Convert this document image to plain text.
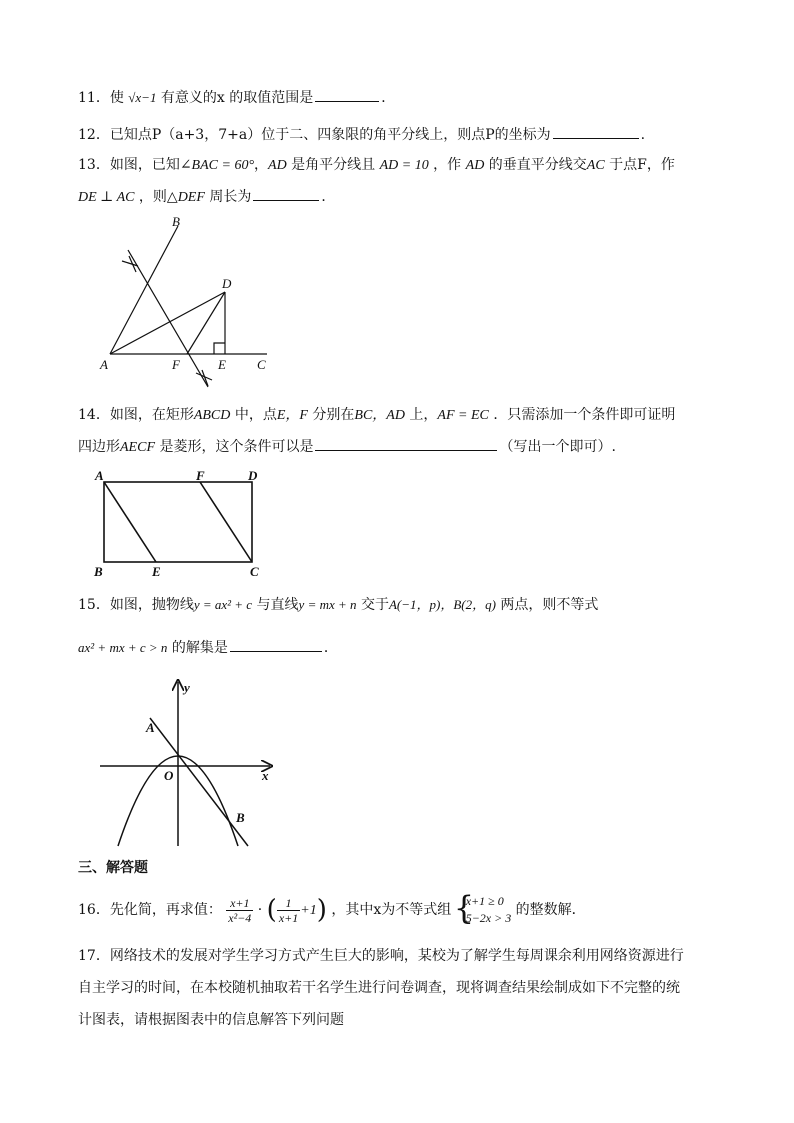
11．使 √x−1 有意义的x 的取值范围是	．
12．已知点P（a+3，7+a）位于二、四象限的角平分线上，则点P的坐标为	.
13．如图，已知∠BAC = 60°，AD 是角平分线且 AD = 10 ，作 AD 的垂直平分线交AC 于点F，作
DE ⊥ AC ，则△DEF 周长为	．
A
B
C
D
E
F
14．如图，在矩形ABCD 中，点E，F 分别在BC，AD 上，AF = EC ．只需添加一个条件即可证明
四边形AECF 是菱形，这个条件可以是	（写出一个即可）.
A	F	D
B	E	C
15．如图，抛物线y = ax² + c 与直线y = mx + n 交于A(−1，p)，B(2，q) 两点，则不等式
ax² + mx + c > n 的解集是	．
y
x
O
A
B
三、解答题
16．先化简，再求值： $\frac{x+1}{\text{x²−4}}$ · ( $\frac{1}{x+1} +1$) ，其中x为不等式组
{ x+1 ≥ 0
5−2x > 3 的整数解．
17．网络技术的发展对学生学习方式产生巨大的影响，某校为了解学生每周课余利用网络资源进行
自主学习的时间，在本校随机抽取若干名学生进行问卷调查，现将调查结果绘制成如下不完整的统
计图表，请根据图表中的信息解答下列问题
